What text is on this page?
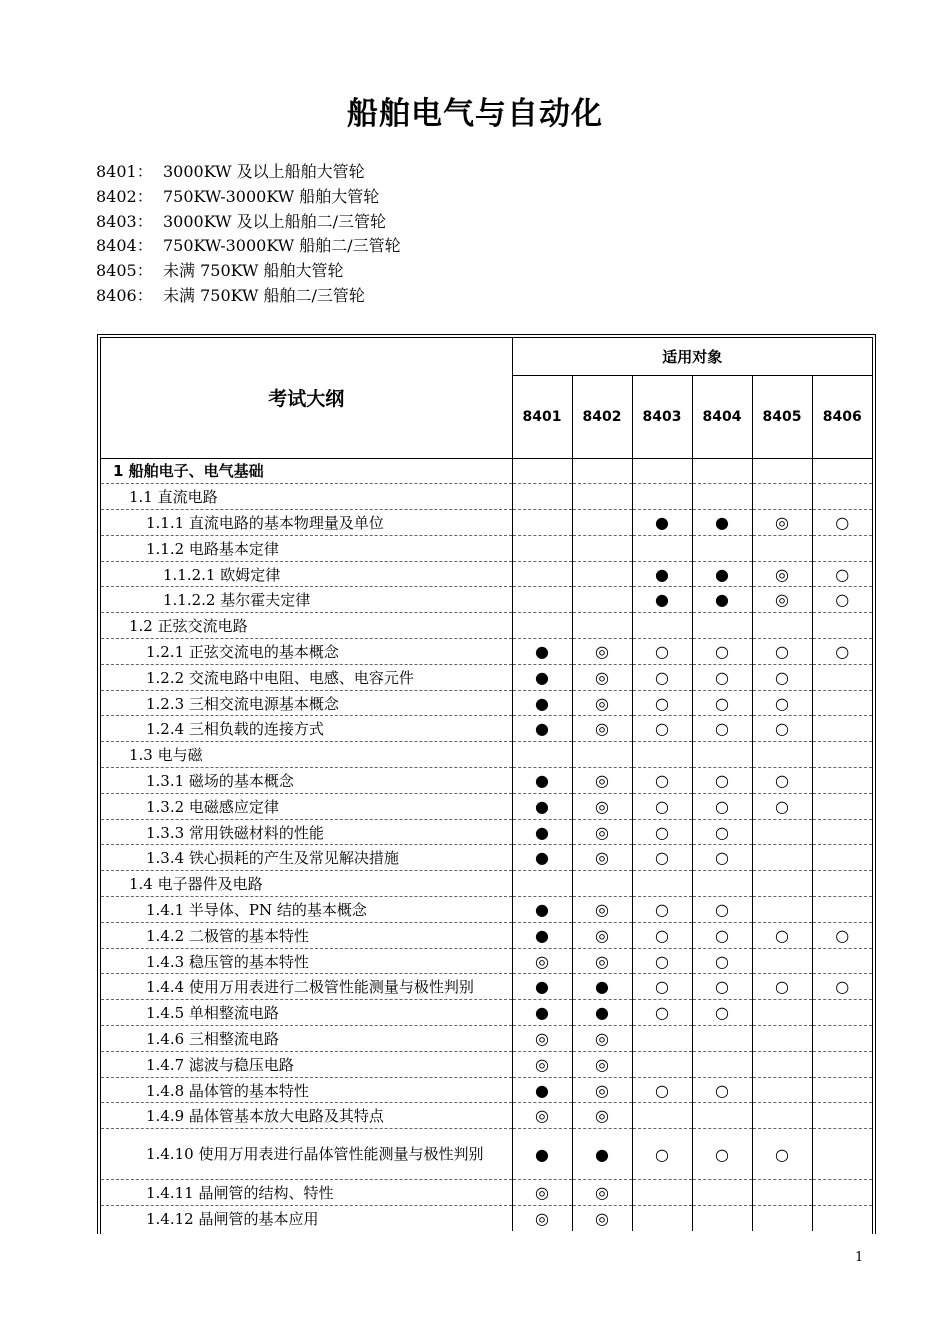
船舶电气与自动化
8401： 3000KW 及以上船舶大管轮
8402： 750KW-3000KW 船舶大管轮
8403： 3000KW 及以上船舶二/三管轮
8404： 750KW-3000KW 船舶二/三管轮
8405： 未满 750KW 船舶大管轮
8406： 未满 750KW 船舶二/三管轮
考试大纲	适用对象					
	8401	8402	8403	8404	8405	8406
1 船舶电子、电气基础						
1.1 直流电路						
1.1.1 直流电路的基本物理量及单位			●	●	◎	○
1.1.2 电路基本定律						
1.1.2.1 欧姆定律			●	●	◎	○
1.1.2.2 基尔霍夫定律			●	●	◎	○
1.2 正弦交流电路						
1.2.1 正弦交流电的基本概念	●	◎	○	○	○	○
1.2.2 交流电路中电阻、电感、电容元件	●	◎	○	○	○	
1.2.3 三相交流电源基本概念	●	◎	○	○	○	
1.2.4 三相负载的连接方式	●	◎	○	○	○	
1.3 电与磁						
1.3.1 磁场的基本概念	●	◎	○	○	○	
1.3.2 电磁感应定律	●	◎	○	○	○	
1.3.3 常用铁磁材料的性能	●	◎	○	○		
1.3.4 铁心损耗的产生及常见解决措施	●	◎	○	○		
1.4 电子器件及电路						
1.4.1 半导体、PN 结的基本概念	●	◎	○	○		
1.4.2 二极管的基本特性	●	◎	○	○	○	○
1.4.3 稳压管的基本特性	◎	◎	○	○		
1.4.4 使用万用表进行二极管性能测量与极性判别	●	●	○	○	○	○
1.4.5 单相整流电路	●	●	○	○		
1.4.6 三相整流电路	◎	◎				
1.4.7 滤波与稳压电路	◎	◎				
1.4.8 晶体管的基本特性	●	◎	○	○		
1.4.9 晶体管基本放大电路及其特点	◎	◎				
1.4.10 使用万用表进行晶体管性能测量与极性判别	●	●	○	○	○	
1.4.11 晶闸管的结构、特性	◎	◎				
1.4.12 晶闸管的基本应用	◎	◎				
1
